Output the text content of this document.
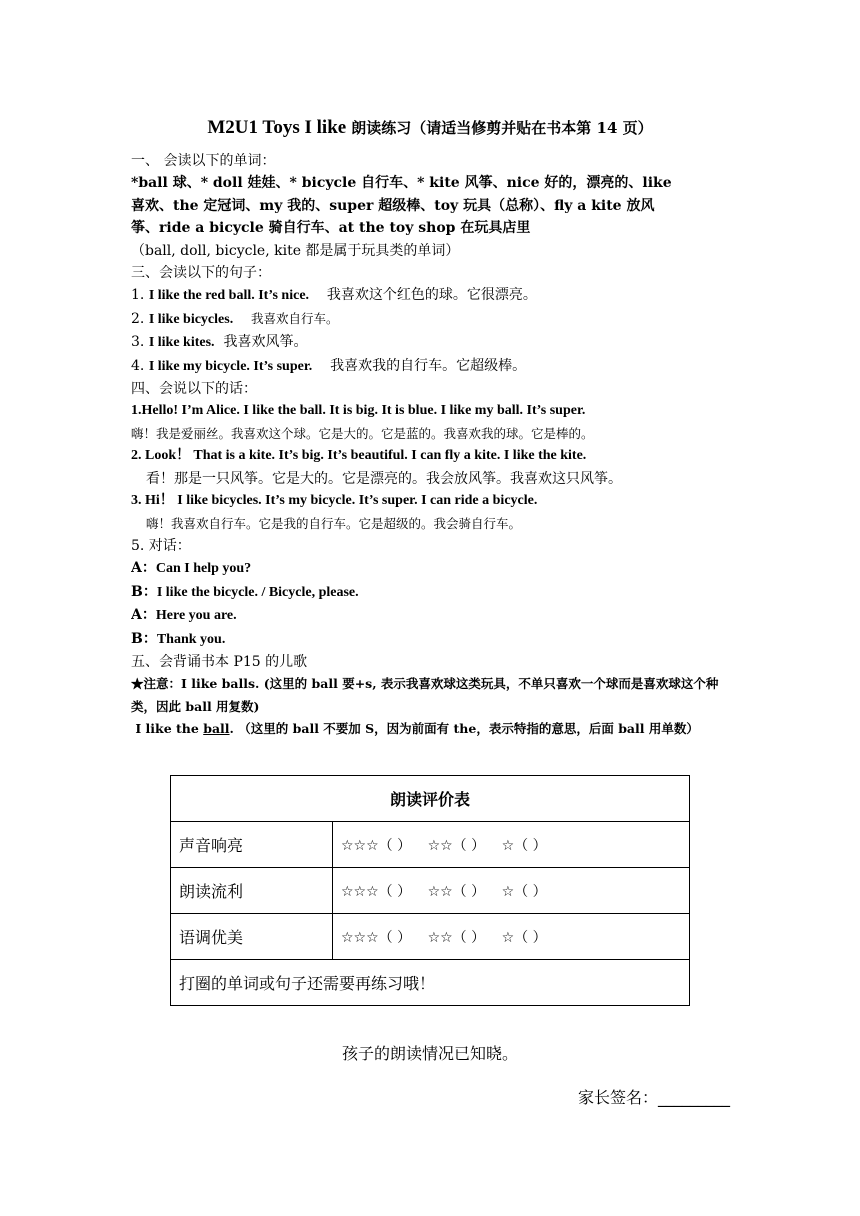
M2U1 Toys I like 朗读练习（请适当修剪并贴在书本第 14 页）

一、 会读以下的单词：

*ball 球、* doll 娃娃、* bicycle 自行车、* kite 风筝、nice 好的，漂亮的、like

喜欢、the 定冠词、my 我的、super 超级棒、toy 玩具（总称）、fly a kite 放风

筝、ride a bicycle 骑自行车、at the toy shop 在玩具店里

（ball, doll, bicycle, kite 都是属于玩具类的单词）

三、会读以下的句子：

1. I like the red ball. It’s nice. 我喜欢这个红色的球。它很漂亮。

2. I like bicycles. 我喜欢自行车。

3. I like kites. 我喜欢风筝。

4. I like my bicycle. It’s super. 我喜欢我的自行车。它超级棒。

四、会说以下的话：

1.Hello! I’m Alice. I like the ball. It is big. It is blue. I like my ball. It’s super.

嗨！我是爱丽丝。我喜欢这个球。它是大的。它是蓝的。我喜欢我的球。它是棒的。

2. Look！ That is a kite. It’s big. It’s beautiful. I can fly a kite. I like the kite.

看！那是一只风筝。它是大的。它是漂亮的。我会放风筝。我喜欢这只风筝。

3. Hi！ I like bicycles. It’s my bicycle. It’s super. I can ride a bicycle.

嗨！我喜欢自行车。它是我的自行车。它是超级的。我会骑自行车。

5. 对话：

A：Can I help you?

B：I like the bicycle. / Bicycle, please.

A：Here you are.

B：Thank you.

五、会背诵书本 P15 的儿歌

★注意：I like balls. (这里的 ball 要+s, 表示我喜欢球这类玩具，不单只喜欢一个球而是喜欢球这个种类，因此 ball 用复数)

I like the ball. （这里的 ball 不要加 S，因为前面有 the，表示特指的意思，后面 ball 用单数）

朗读评价表	
声音响亮	☆☆☆（ ） ☆☆（ ） ☆（ ）
朗读流利	☆☆☆（ ） ☆☆（ ） ☆（ ）
语调优美	☆☆☆（ ） ☆☆（ ） ☆（ ）
打圈的单词或句子还需要再练习哦！	
孩子的朗读情况已知晓。
家长签名：_________
